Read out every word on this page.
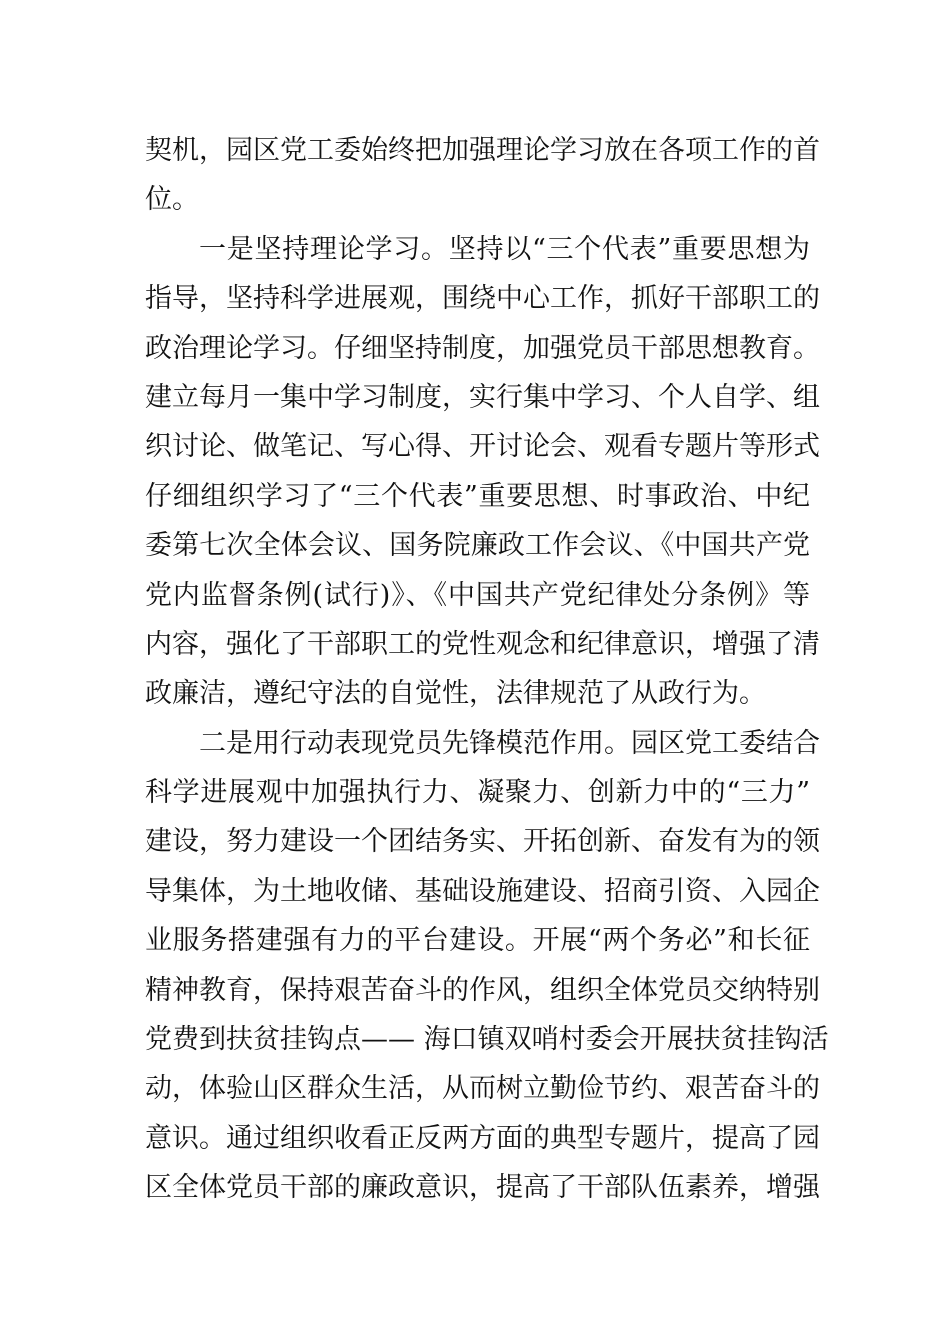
契机，园区党工委始终把加强理论学习放在各项工作的首
位。
一是坚持理论学习。坚持以“三个代表”重要思想为
指导，坚持科学进展观，围绕中心工作，抓好干部职工的
政治理论学习。仔细坚持制度，加强党员干部思想教育。
建立每月一集中学习制度，实行集中学习、个人自学、组
织讨论、做笔记、写心得、开讨论会、观看专题片等形式
仔细组织学习了“三个代表”重要思想、时事政治、中纪
委第七次全体会议、国务院廉政工作会议、《中国共产党
党内监督条例(试行)》、《中国共产党纪律处分条例》等
内容，强化了干部职工的党性观念和纪律意识，增强了清
政廉洁，遵纪守法的自觉性，法律规范了从政行为。
二是用行动表现党员先锋模范作用。园区党工委结合
科学进展观中加强执行力、凝聚力、创新力中的“三力”
建设，努力建设一个团结务实、开拓创新、奋发有为的领
导集体，为土地收储、基础设施建设、招商引资、入园企
业服务搭建强有力的平台建设。开展“两个务必”和长征
精神教育，保持艰苦奋斗的作风，组织全体党员交纳特别
党费到扶贫挂钩点—— 海口镇双哨村委会开展扶贫挂钩活
动，体验山区群众生活，从而树立勤俭节约、艰苦奋斗的
意识。通过组织收看正反两方面的典型专题片，提高了园
区全体党员干部的廉政意识，提高了干部队伍素养，增强
